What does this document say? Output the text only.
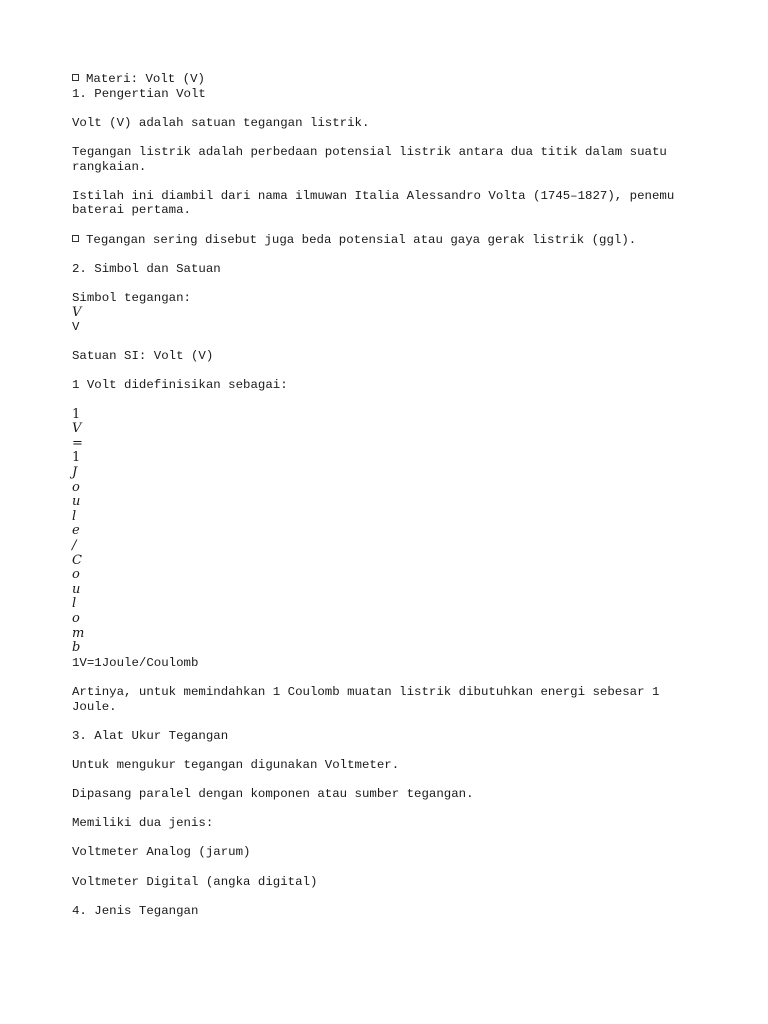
Materi: Volt (V)

1. Pengertian Volt

Volt (V) adalah satuan tegangan listrik.

Tegangan listrik adalah perbedaan potensial listrik antara dua titik dalam suatu rangkaian.

Istilah ini diambil dari nama ilmuwan Italia Alessandro Volta (1745–1827), penemu baterai pertama.

Tegangan sering disebut juga beda potensial atau gaya gerak listrik (ggl).

2. Simbol dan Satuan

Simbol tegangan:

V

V

Satuan SI: Volt (V)

1 Volt didefinisikan sebagai:

1

V

=

1

J

o

u

l

e

/

C

o

u

l

o

m

b

1V=1Joule/Coulomb

Artinya, untuk memindahkan 1 Coulomb muatan listrik dibutuhkan energi sebesar 1 Joule.

3. Alat Ukur Tegangan

Untuk mengukur tegangan digunakan Voltmeter.

Dipasang paralel dengan komponen atau sumber tegangan.

Memiliki dua jenis:

Voltmeter Analog (jarum)

Voltmeter Digital (angka digital)

4. Jenis Tegangan
